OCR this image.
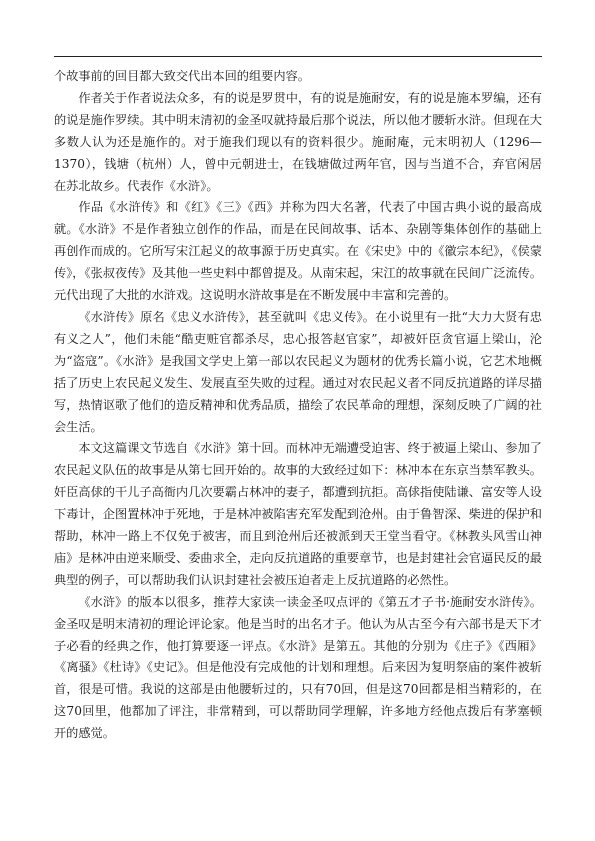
个故事前的回目都大致交代出本回的组要内容。

作者关于作者说法众多，有的说是罗贯中，有的说是施耐安，有的说是施本罗编，还有的说是施作罗续。其中明末清初的金圣叹就持最后那个说法，所以他才腰斩水浒。但现在大多数人认为还是施作的。对于施我们现以有的资料很少。施耐庵，元末明初人（1296—1370），钱塘（杭州）人，曾中元朝进士，在钱塘做过两年官，因与当道不合，弃官闲居在苏北故乡。代表作《水浒》。

作品《水浒传》和《红》《三》《西》并称为四大名著，代表了中国古典小说的最高成就。《水浒》不是作者独立创作的作品，而是在民间故事、话本、杂剧等集体创作的基础上再创作而成的。它所写宋江起义的故事源于历史真实。在《宋史》中的《徽宗本纪》，《侯蒙传》，《张叔夜传》及其他一些史料中都曾提及。从南宋起，宋江的故事就在民间广泛流传。元代出现了大批的水浒戏。这说明水浒故事是在不断发展中丰富和完善的。

《水浒传》原名《忠义水浒传》，甚至就叫《忠义传》。在小说里有一批“大力大贤有忠有义之人”，他们未能“酷吏赃官都杀尽，忠心报答赵官家”，却被奸臣贪官逼上梁山，沦为“盗寇”。《水浒》是我国文学史上第一部以农民起义为题材的优秀长篇小说，它艺术地概括了历史上农民起义发生、发展直至失败的过程。通过对农民起义者不同反抗道路的详尽描写，热情讴歌了他们的造反精神和优秀品质，描绘了农民革命的理想，深刻反映了广阔的社会生活。

本文这篇课文节选自《水浒》第十回。而林冲无端遭受迫害、终于被逼上梁山、参加了农民起义队伍的故事是从第七回开始的。故事的大致经过如下：林冲本在东京当禁军教头。奸臣高俅的干儿子高衙内几次要霸占林冲的妻子，都遭到抗拒。高俅指使陆谦、富安等人设下毒计，企图置林冲于死地，于是林冲被陷害充军发配到沧州。由于鲁智深、柴进的保护和帮助，林冲一路上不仅免于被害，而且到沧州后还被派到天王堂当看守。《林教头风雪山神庙》是林冲由逆来顺受、委曲求全，走向反抗道路的重要章节，也是封建社会官逼民反的最典型的例子，可以帮助我们认识封建社会被压迫者走上反抗道路的必然性。

《水浒》的版本以很多，推荐大家读一读金圣叹点评的《第五才子书·施耐安水浒传》。金圣叹是明末清初的理论评论家。他是当时的出名才子。他认为从古至今有六部书是天下才子必看的经典之作，他打算要逐一评点。《水浒》是第五。其他的分别为《庄子》《西厢》《离骚》《杜诗》《史记》。但是他没有完成他的计划和理想。后来因为复明祭庙的案件被斩首，很是可惜。我说的这部是由他腰斩过的，只有70回，但是这70回都是相当精彩的，在这70回里，他都加了评注，非常精到，可以帮助同学理解，许多地方经他点拨后有茅塞顿开的感觉。
